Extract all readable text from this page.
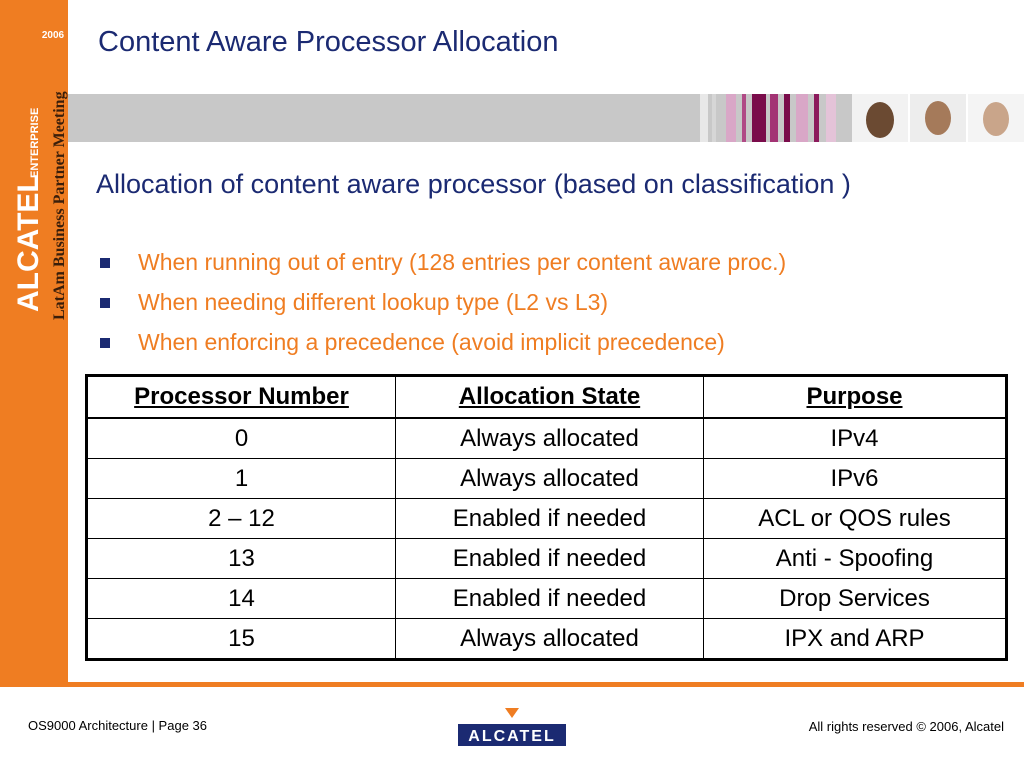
2006
ALCATEL
ENTERPRISE LatAm Business Partner Meeting
Content Aware Processor Allocation
Allocation of content aware processor (based on classification )
When running out of entry (128 entries per content aware proc.)
When needing different lookup type (L2 vs L3)
When enforcing a precedence (avoid implicit precedence)
Processor Number	Allocation State	Purpose
0	Always allocated	IPv4
1	Always allocated	IPv6
2 – 12	Enabled if needed	ACL or QOS rules
13	Enabled if needed	Anti - Spoofing
14	Enabled if needed	Drop Services
15	Always allocated	IPX and ARP
OS9000 Architecture | Page 36
ALCATEL
All rights reserved © 2006, Alcatel
